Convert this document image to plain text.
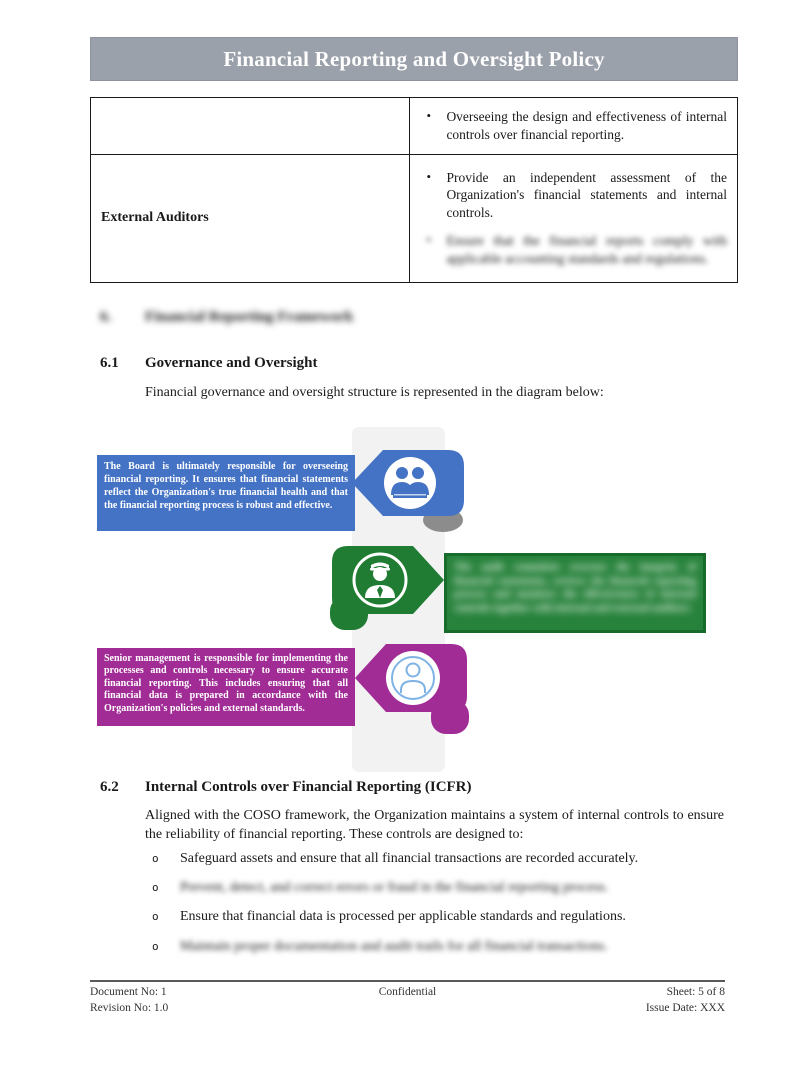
Financial Reporting and Oversight Policy

	• Overseeing the design and effectiveness of internal controls over financial reporting.

External Auditors	• Provide an independent assessment of the Organization's financial statements and internal controls.
• Ensure that the financial reports comply with applicable accounting standards and regulations.
6. Financial Reporting Framework
6.1 Governance and Oversight
Financial governance and oversight structure is represented in the diagram below:
The Board is ultimately responsible for overseeing financial reporting. It ensures that financial statements reflect the Organization's true financial health and that the financial reporting process is robust and effective.
The audit committee oversees the integrity of financial statements, reviews the financial reporting process and monitors the effectiveness of internal controls together with internal and external auditors.
Senior management is responsible for implementing the processes and controls necessary to ensure accurate financial reporting. This includes ensuring that all financial data is prepared in accordance with the Organization's policies and external standards.
6.2 Internal Controls over Financial Reporting (ICFR)
Aligned with the COSO framework, the Organization maintains a system of internal controls to ensure the reliability of financial reporting. These controls are designed to:
o	Safeguard assets and ensure that all financial transactions are recorded accurately.
o	Prevent, detect, and correct errors or fraud in the financial reporting process.
o	Ensure that financial data is processed per applicable standards and regulations.
o	Maintain proper documentation and audit trails for all financial transactions.
Document No: 1
Revision No: 1.0
Confidential	Sheet: 5 of 8
Issue Date: XXX
